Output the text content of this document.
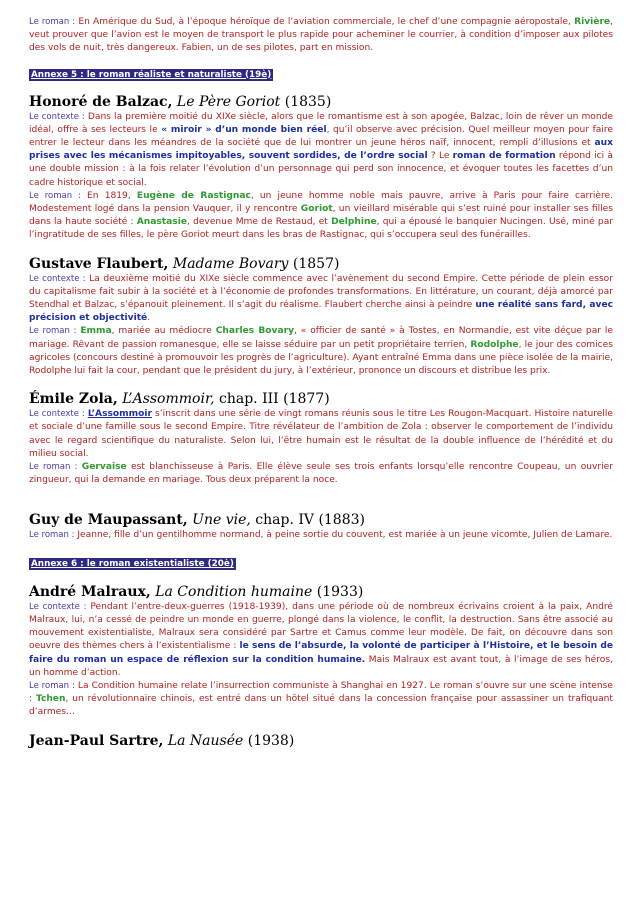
Le roman : En Amérique du Sud, à l’époque héroïque de l’aviation commerciale, le chef d’une compagnie aéropostale, Rivière, veut prouver que l’avion est le moyen de transport le plus rapide pour acheminer le courrier, à condition d’imposer aux pilotes des vols de nuit, très dangereux. Fabien, un de ses pilotes, part en mission.

Annexe 5 : le roman réaliste et naturaliste (19è)

Honoré de Balzac, Le Père Goriot (1835)

Le contexte : Dans la première moitié du XIXe siècle, alors que le romantisme est à son apogée, Balzac, loin de rêver un monde idéal, offre à ses lecteurs le « miroir » d’un monde bien réel, qu’il observe avec précision. Quel meilleur moyen pour faire entrer le lecteur dans les méandres de la société que de lui montrer un jeune héros naïf, innocent, rempli d’illusions et aux prises avec les mécanismes impitoyables, souvent sordides, de l’ordre social ? Le roman de formation répond ici à une double mission : à la fois relater l’évolution d’un personnage qui perd son innocence, et évoquer toutes les facettes d’un cadre historique et social.

Le roman : En 1819, Eugène de Rastignac, un jeune homme noble mais pauvre, arrive à Paris pour faire carrière. Modestement logé dans la pension Vauquer, il y rencontre Goriot, un vieillard misérable qui s’est ruiné pour installer ses filles dans la haute société : Anastasie, devenue Mme de Restaud, et Delphine, qui a épousé le banquier Nucingen. Usé, miné par l’ingratitude de ses filles, le père Goriot meurt dans les bras de Rastignac, qui s’occupera seul des funérailles.

Gustave Flaubert, Madame Bovary (1857)

Le contexte : La deuxième moitié du XIXe siècle commence avec l’avènement du second Empire. Cette période de plein essor du capitalisme fait subir à la société et à l’économie de profondes transformations. En littérature, un courant, déjà amorcé par Stendhal et Balzac, s’épanouit pleinement. Il s’agit du réalisme. Flaubert cherche ainsi à peindre une réalité sans fard, avec précision et objectivité.

Le roman : Emma, mariée au médiocre Charles Bovary, « officier de santé » à Tostes, en Normandie, est vite déçue par le mariage. Rêvant de passion romanesque, elle se laisse séduire par un petit propriétaire terrien, Rodolphe, le jour des comices agricoles (concours destiné à promouvoir les progrès de l’agriculture). Ayant entraîné Emma dans une pièce isolée de la mairie, Rodolphe lui fait la cour, pendant que le président du jury, à l’extérieur, prononce un discours et distribue les prix.

Émile Zola, L’Assommoir, chap. III (1877)

Le contexte : L’Assommoir s’inscrit dans une série de vingt romans réunis sous le titre Les Rougon-Macquart. Histoire naturelle et sociale d’une famille sous le second Empire. Titre révélateur de l’ambition de Zola : observer le comportement de l’individu avec le regard scientifique du naturaliste. Selon lui, l’être humain est le résultat de la double influence de l’hérédité et du milieu social.

Le roman : Gervaise est blanchisseuse à Paris. Elle élève seule ses trois enfants lorsqu’elle rencontre Coupeau, un ouvrier zingueur, qui la demande en mariage. Tous deux préparent la noce.

Guy de Maupassant, Une vie, chap. IV (1883)

Le roman : Jeanne, fille d’un gentilhomme normand, à peine sortie du couvent, est mariée à un jeune vicomte, Julien de Lamare.

Annexe 6 : le roman existentialiste (20è)

André Malraux, La Condition humaine (1933)

Le contexte : Pendant l’entre-deux-guerres (1918-1939), dans une période où de nombreux écrivains croient à la paix, André Malraux, lui, n’a cessé de peindre un monde en guerre, plongé dans la violence, le conflit, la destruction. Sans être associé au mouvement existentialiste, Malraux sera considéré par Sartre et Camus comme leur modèle. De fait, on découvre dans son oeuvre des thèmes chers à l’existentialisme : le sens de l’absurde, la volonté de participer à l’Histoire, et le besoin de faire du roman un espace de réflexion sur la condition humaine. Mais Malraux est avant tout, à l’image de ses héros, un homme d’action.

Le roman : La Condition humaine relate l’insurrection communiste à Shanghai en 1927. Le roman s’ouvre sur une scène intense : Tchen, un révolutionnaire chinois, est entré dans un hôtel situé dans la concession française pour assassiner un trafiquant d’armes…

Jean-Paul Sartre, La Nausée (1938)
